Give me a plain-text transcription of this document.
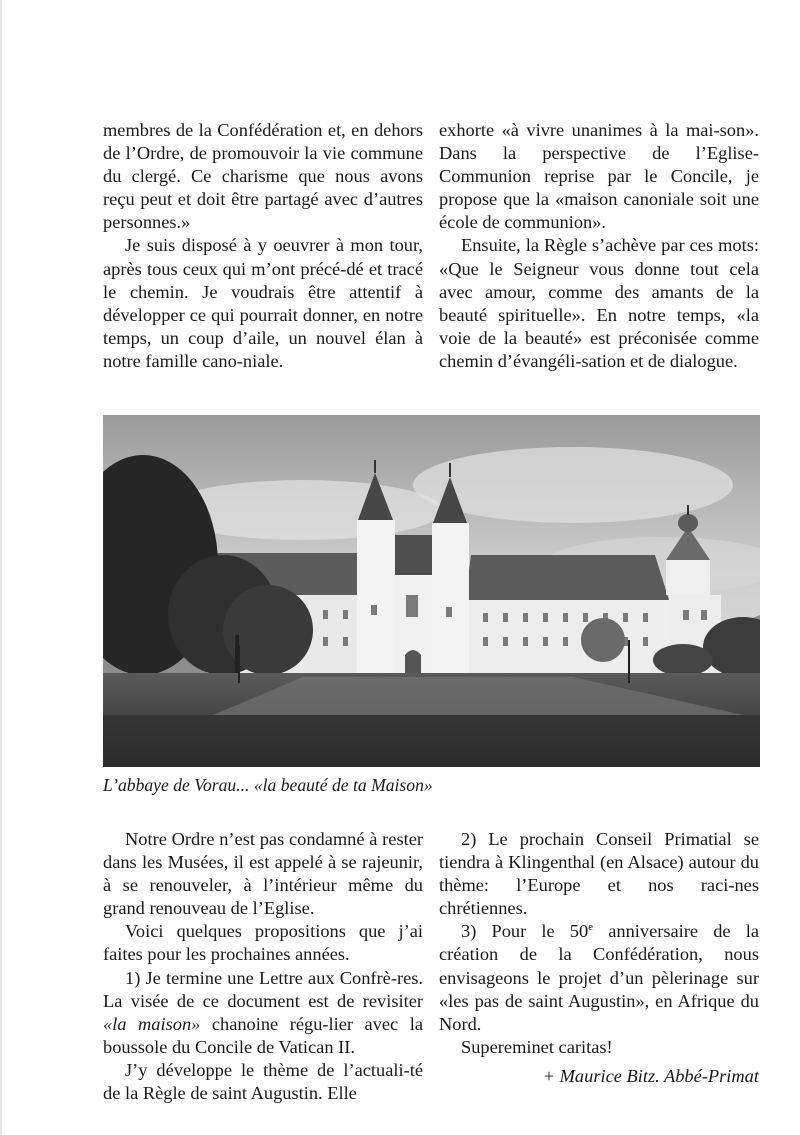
membres de la Confédération et, en dehors de l’Ordre, de promouvoir la vie commune du clergé. Ce charisme que nous avons reçu peut et doit être partagé avec d’autres personnes.»

Je suis disposé à y oeuvrer à mon tour, après tous ceux qui m’ont précé-dé et tracé le chemin. Je voudrais être attentif à développer ce qui pourrait donner, en notre temps, un coup d’aile, un nouvel élan à notre famille cano-niale.

exhorte «à vivre unanimes à la mai-son». Dans la perspective de l’Eglise-Communion reprise par le Concile, je propose que la «maison canoniale soit une école de communion».

Ensuite, la Règle s’achève par ces mots: «Que le Seigneur vous donne tout cela avec amour, comme des amants de la beauté spirituelle». En notre temps, «la voie de la beauté» est préconisée comme chemin d’évangéli-sation et de dialogue.

L’abbaye de Vorau... «la beauté de ta Maison»

Notre Ordre n’est pas condamné à rester dans les Musées, il est appelé à se rajeunir, à se renouveler, à l’intérieur même du grand renouveau de l’Eglise.

Voici quelques propositions que j’ai faites pour les prochaines années.

1) Je termine une Lettre aux Confrè-res. La visée de ce document est de revisiter «la maison» chanoine régu-lier avec la boussole du Concile de Vatican II.

J’y développe le thème de l’actuali-té de la Règle de saint Augustin. Elle

2) Le prochain Conseil Primatial se tiendra à Klingenthal (en Alsace) autour du thème: l’Europe et nos raci-nes chrétiennes.

3) Pour le 50e anniversaire de la création de la Confédération, nous envisageons le projet d’un pèlerinage sur «les pas de saint Augustin», en Afrique du Nord.

Supereminet caritas!

+ Maurice Bitz. Abbé-Primat
